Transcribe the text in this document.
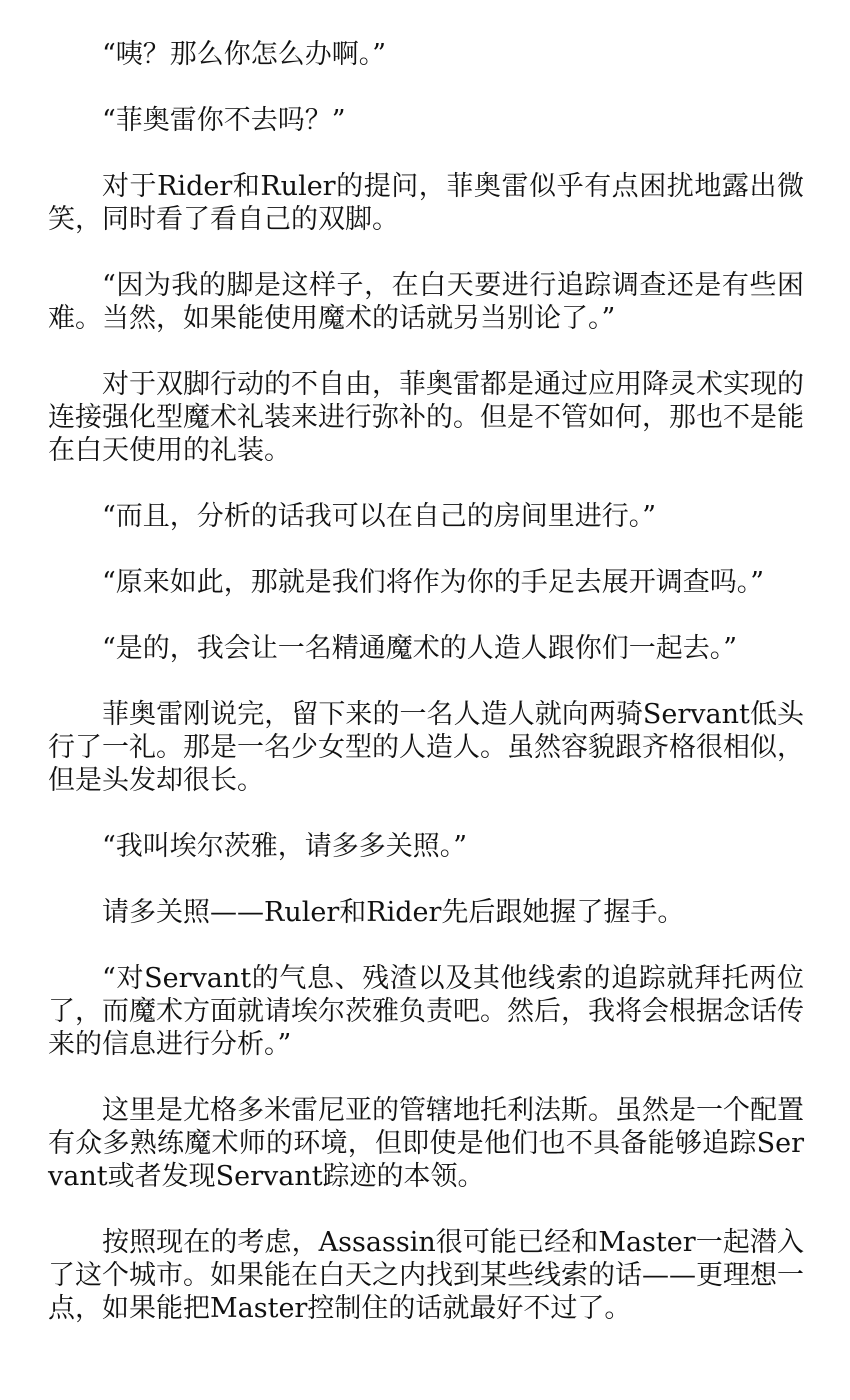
“咦？那么你怎么办啊。”

“菲奥雷你不去吗？”

对于Rider和Ruler的提问，菲奥雷似乎有点困扰地露出微笑，同时看了看自己的双脚。

“因为我的脚是这样子，在白天要进行追踪调查还是有些困难。当然，如果能使用魔术的话就另当别论了。”

对于双脚行动的不自由，菲奥雷都是通过应用降灵术实现的连接强化型魔术礼装来进行弥补的。但是不管如何，那也不是能在白天使用的礼装。

“而且，分析的话我可以在自己的房间里进行。”

“原来如此，那就是我们将作为你的手足去展开调查吗。”

“是的，我会让一名精通魔术的人造人跟你们一起去。”

菲奥雷刚说完，留下来的一名人造人就向两骑Servant低头行了一礼。那是一名少女型的人造人。虽然容貌跟齐格很相似，但是头发却很长。

“我叫埃尔茨雅，请多多关照。”

请多关照——Ruler和Rider先后跟她握了握手。

“对Servant的气息、残渣以及其他线索的追踪就拜托两位了，而魔术方面就请埃尔茨雅负责吧。然后，我将会根据念话传来的信息进行分析。”

这里是尤格多米雷尼亚的管辖地托利法斯。虽然是一个配置有众多熟练魔术师的环境，但即使是他们也不具备能够追踪Servant或者发现Servant踪迹的本领。

按照现在的考虑，Assassin很可能已经和Master一起潜入了这个城市。如果能在白天之内找到某些线索的话——更理想一点，如果能把Master控制住的话就最好不过了。
